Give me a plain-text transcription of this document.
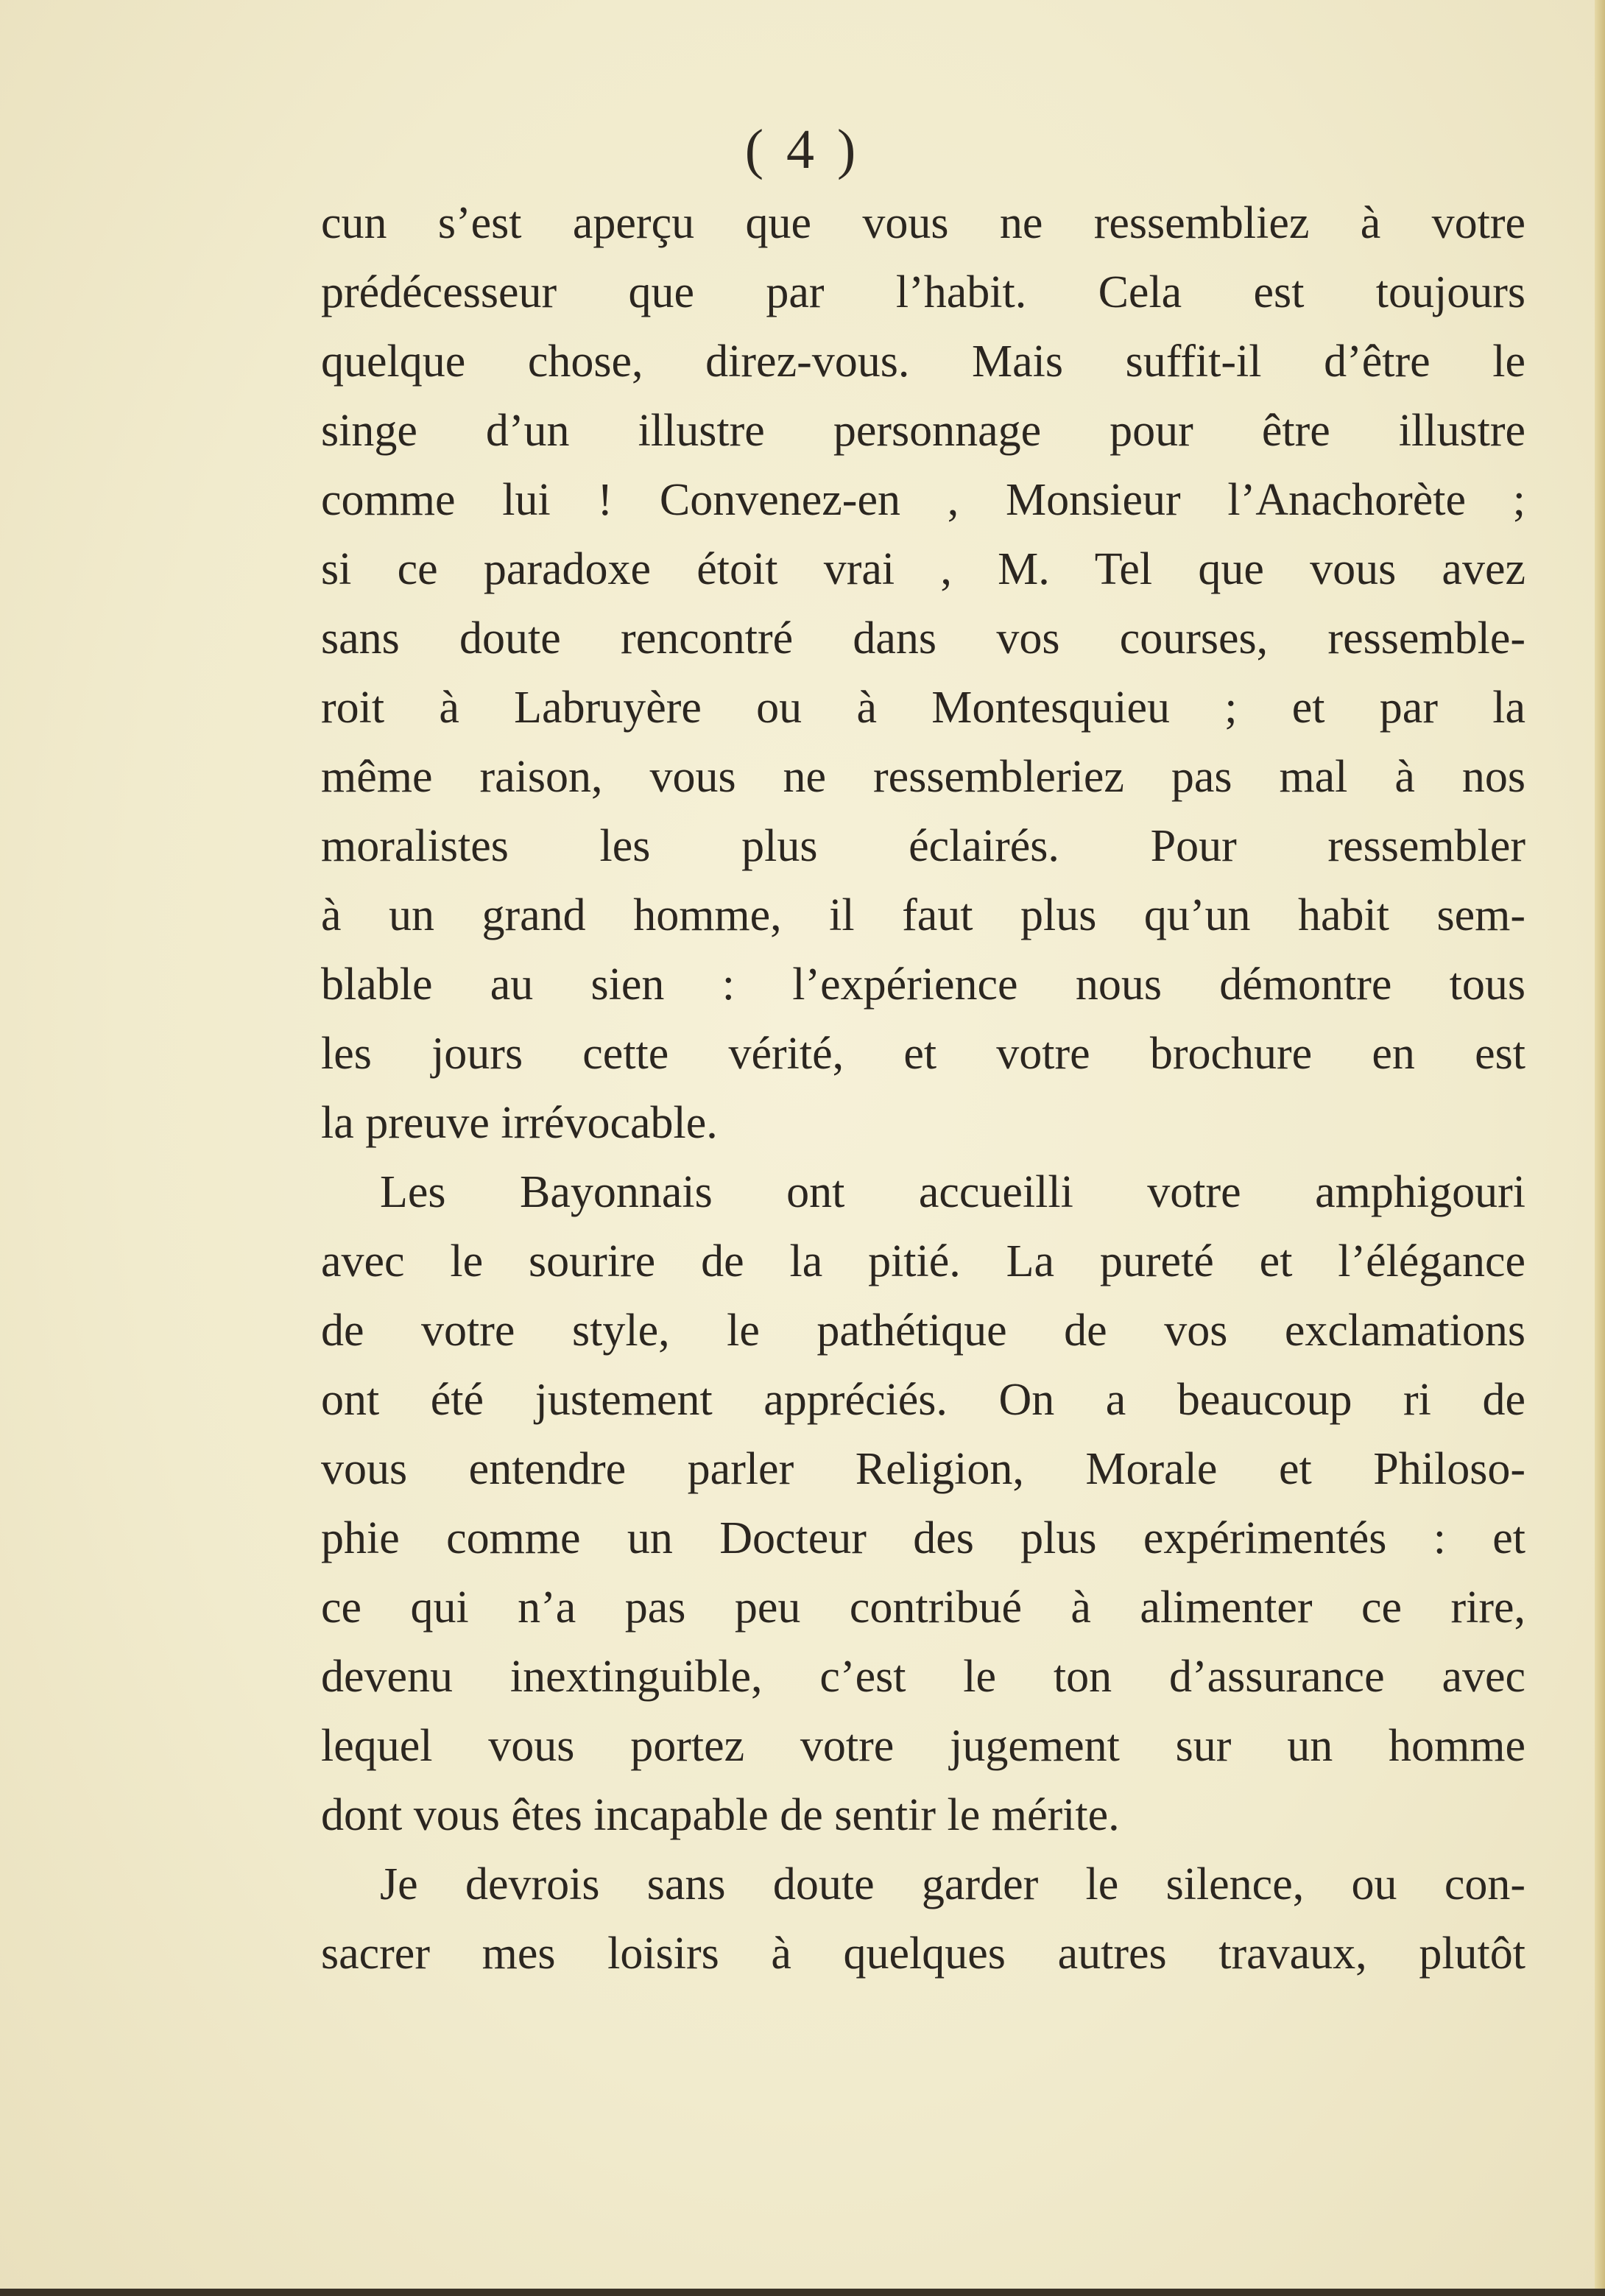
( 4 )
cun s’est aperçu que vous ne ressembliez à votre
prédécesseur que par l’habit. Cela est toujours
quelque chose, direz-vous. Mais suffit-il d’être le
singe d’un illustre personnage pour être illustre
comme lui ! Convenez-en , Monsieur l’Anachorète ;
si ce paradoxe étoit vrai , M. Tel que vous avez
sans doute rencontré dans vos courses, ressemble-
roit à Labruyère ou à Montesquieu ; et par la
même raison, vous ne ressembleriez pas mal à nos
moralistes les plus éclairés. Pour ressembler
à un grand homme, il faut plus qu’un habit sem-
blable au sien : l’expérience nous démontre tous
les jours cette vérité, et votre brochure en est
la preuve irrévocable.
Les Bayonnais ont accueilli votre amphigouri
avec le sourire de la pitié. La pureté et l’élégance
de votre style, le pathétique de vos exclamations
ont été justement appréciés. On a beaucoup ri de
vous entendre parler Religion, Morale et Philoso-
phie comme un Docteur des plus expérimentés : et
ce qui n’a pas peu contribué à alimenter ce rire,
devenu inextinguible, c’est le ton d’assurance avec
lequel vous portez votre jugement sur un homme
dont vous êtes incapable de sentir le mérite.
Je devrois sans doute garder le silence, ou con-
sacrer mes loisirs à quelques autres travaux, plutôt
